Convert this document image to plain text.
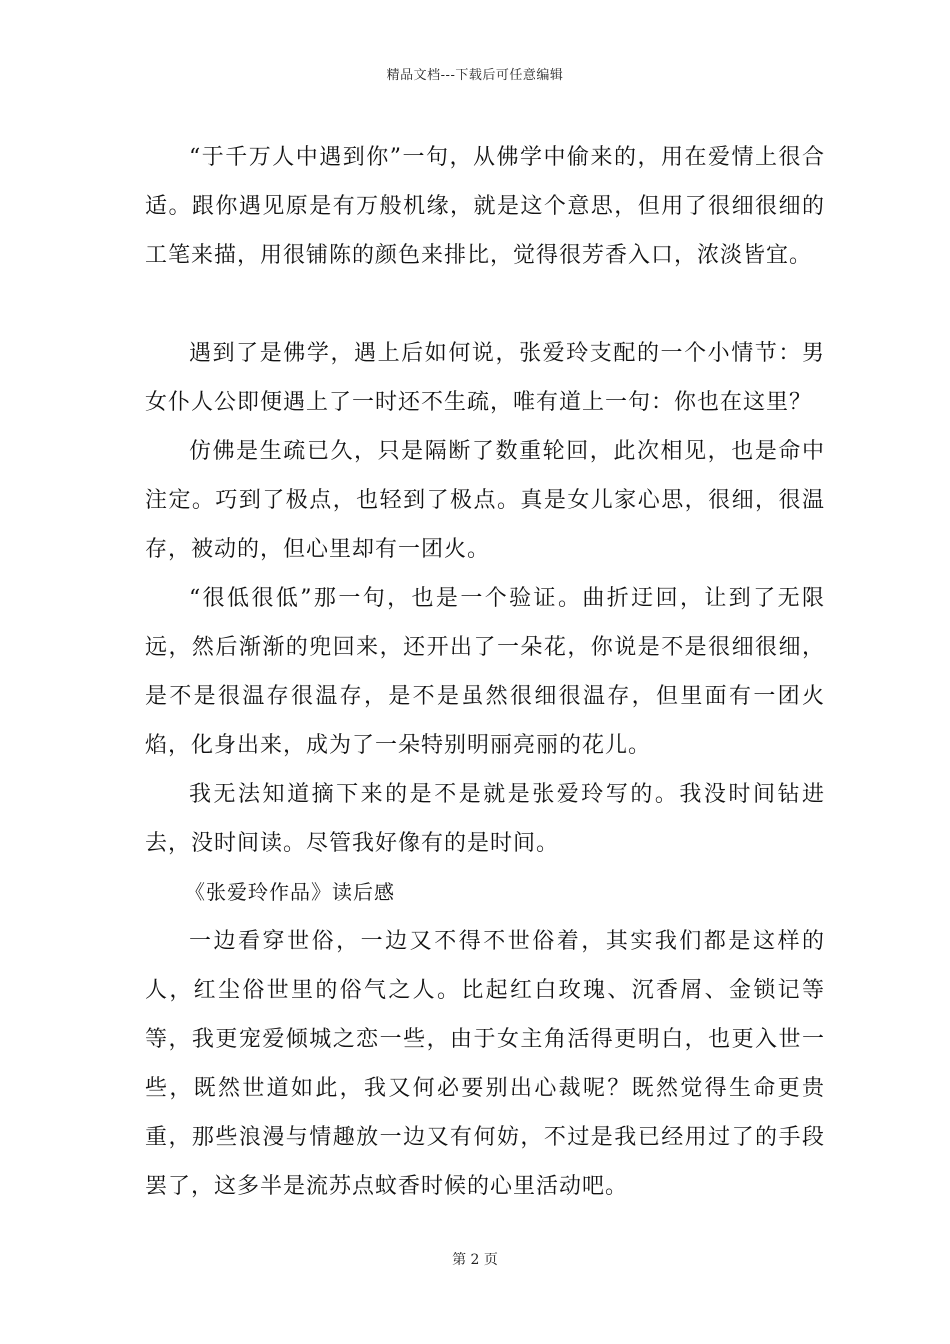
精品文档---下载后可任意编辑

“于千万人中遇到你”一句，从佛学中偷来的，用在爱情上很合适。跟你遇见原是有万般机缘，就是这个意思，但用了很细很细的工笔来描，用很铺陈的颜色来排比，觉得很芳香入口，浓淡皆宜。

遇到了是佛学，遇上后如何说，张爱玲支配的一个小情节：男女仆人公即便遇上了一时还不生疏，唯有道上一句：你也在这里？

仿佛是生疏已久，只是隔断了数重轮回，此次相见，也是命中注定。巧到了极点，也轻到了极点。真是女儿家心思，很细，很温存，被动的，但心里却有一团火。

“很低很低”那一句，也是一个验证。曲折迂回，让到了无限远，然后渐渐的兜回来，还开出了一朵花，你说是不是很细很细，是不是很温存很温存，是不是虽然很细很温存，但里面有一团火焰，化身出来，成为了一朵特别明丽亮丽的花儿。

我无法知道摘下来的是不是就是张爱玲写的。我没时间钻进去，没时间读。尽管我好像有的是时间。

《张爱玲作品》读后感

一边看穿世俗，一边又不得不世俗着，其实我们都是这样的人，红尘俗世里的俗气之人。比起红白玫瑰、沉香屑、金锁记等等，我更宠爱倾城之恋一些，由于女主角活得更明白，也更入世一些，既然世道如此，我又何必要别出心裁呢？既然觉得生命更贵重，那些浪漫与情趣放一边又有何妨，不过是我已经用过了的手段罢了，这多半是流苏点蚊香时候的心里活动吧。

第 2 页
